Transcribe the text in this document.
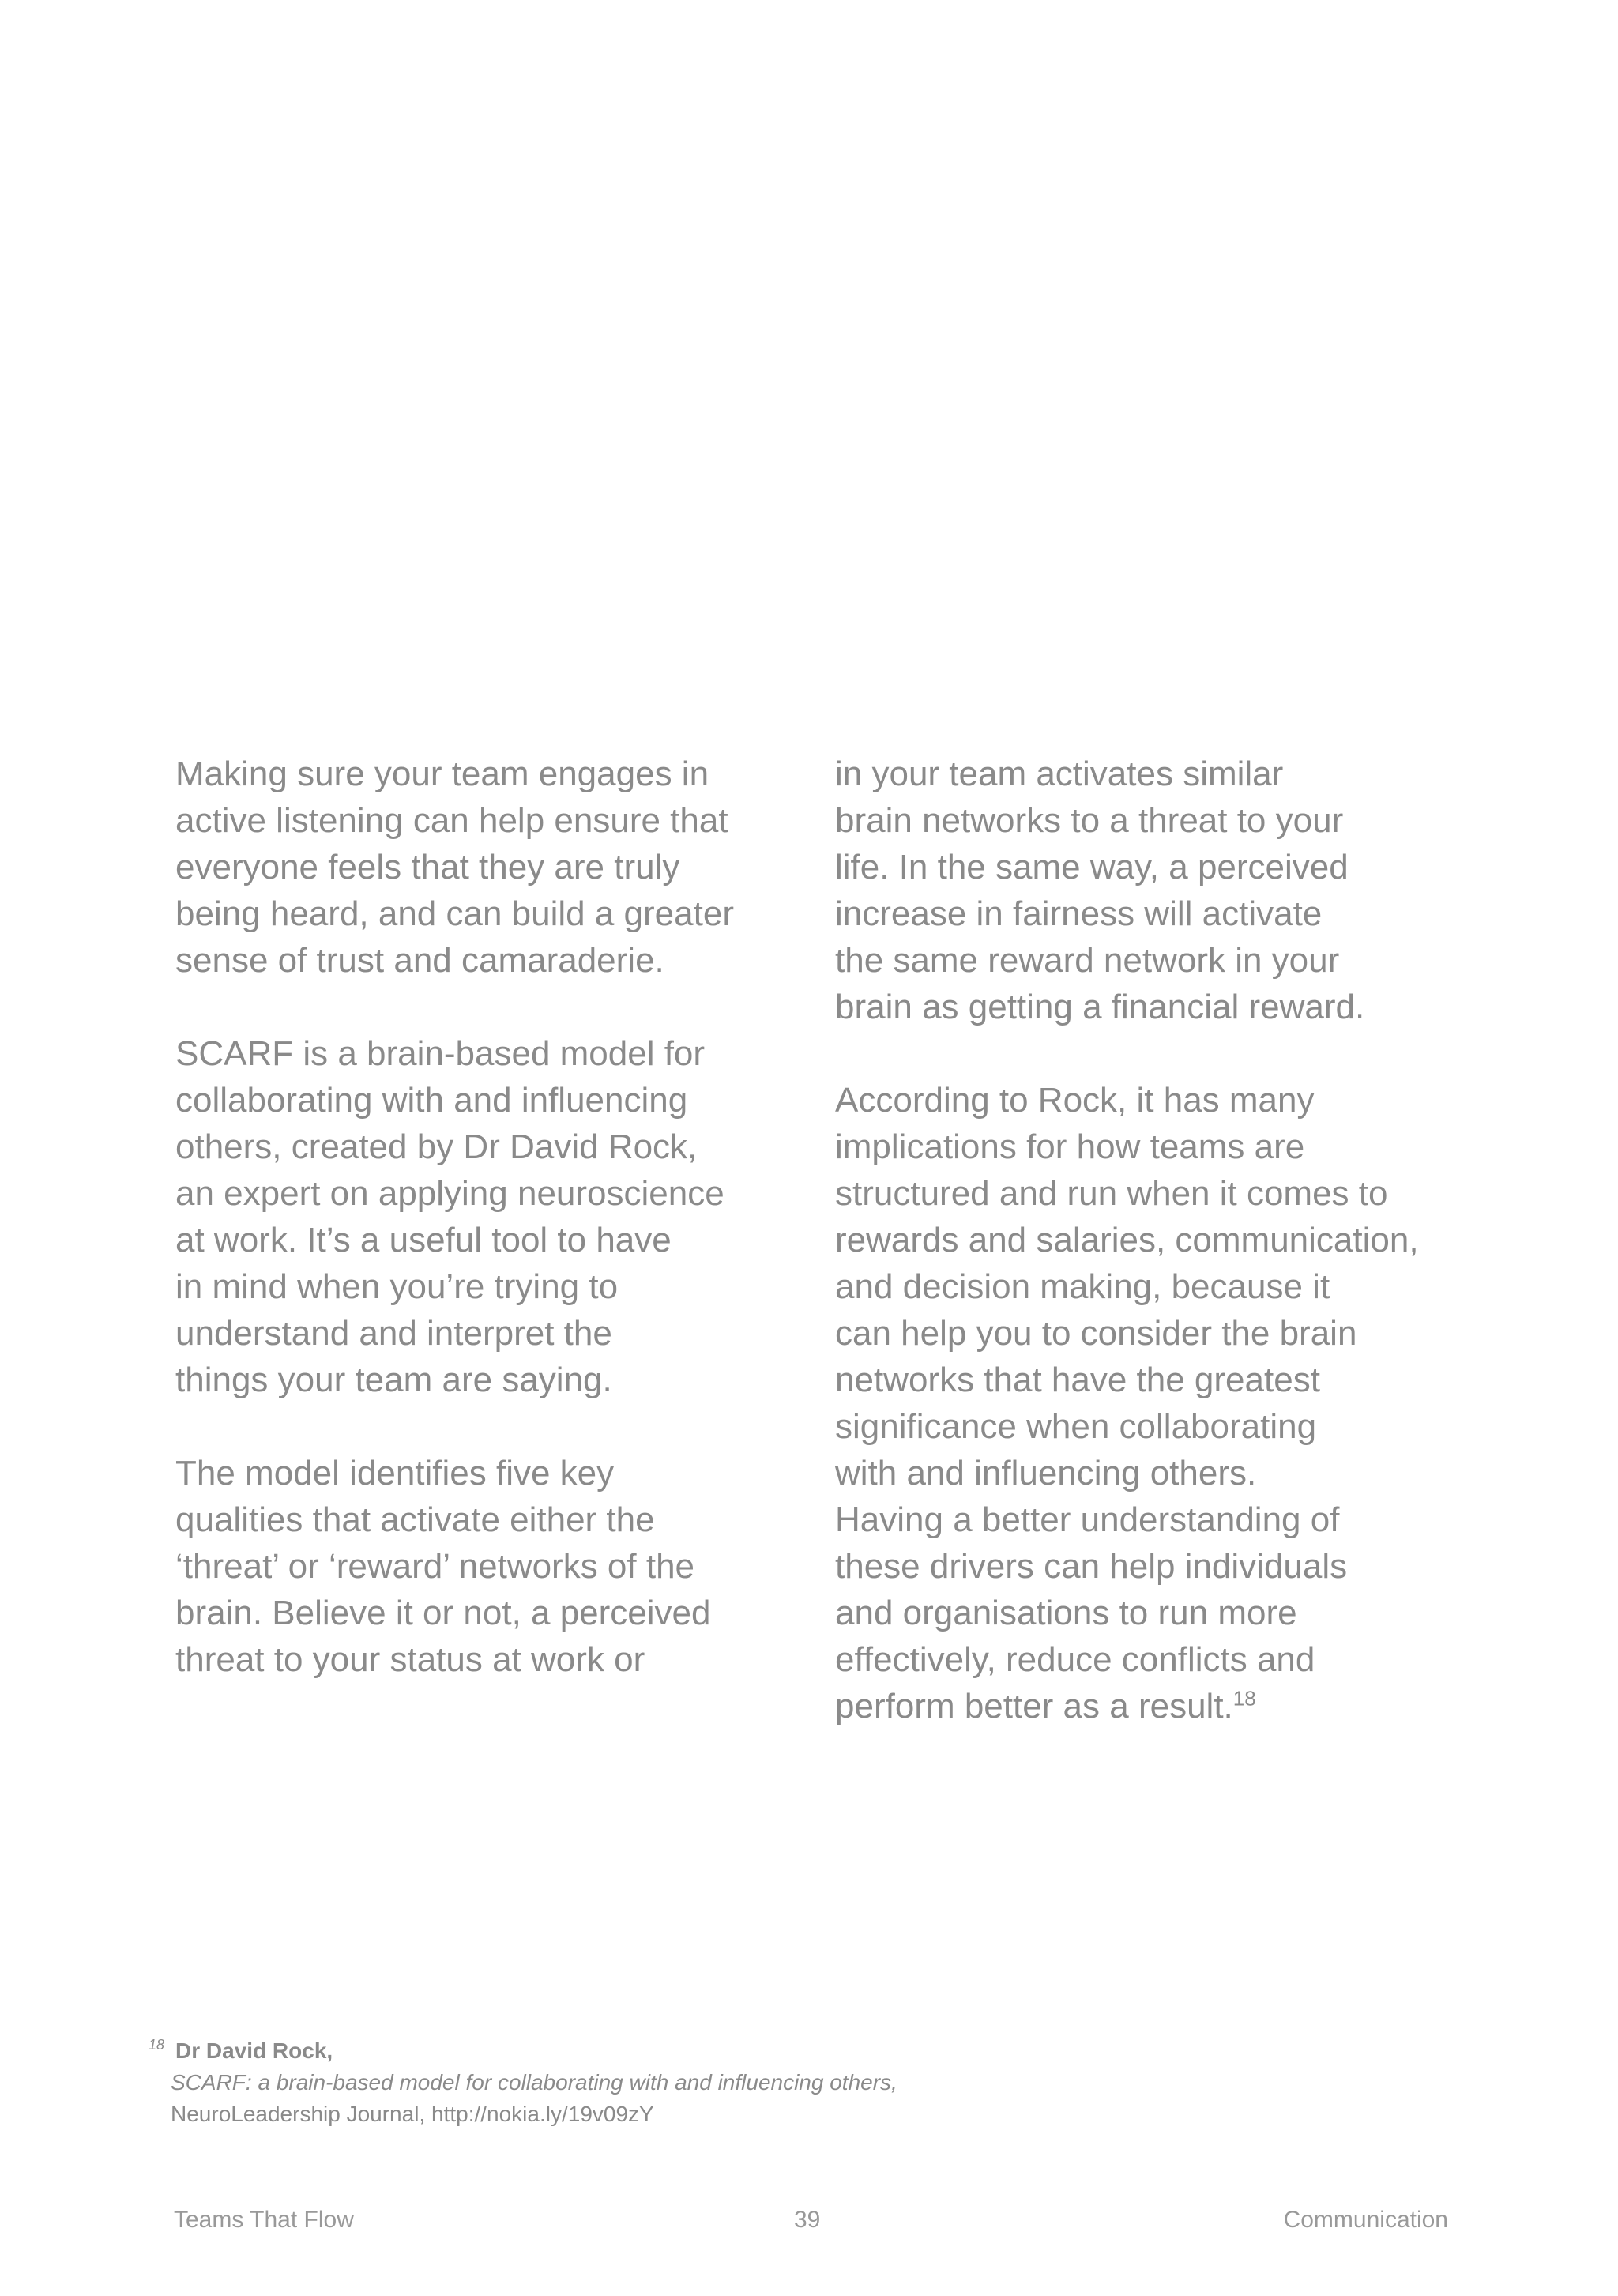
Making sure your team engages in
active listening can help ensure that
everyone feels that they are truly
being heard, and can build a greater
sense of trust and camaraderie.

SCARF is a brain-based model for
collaborating with and influencing
others, created by Dr David Rock,
an expert on applying neuroscience
at work. It’s a useful tool to have
in mind when you’re trying to
understand and interpret the
things your team are saying.

The model identifies five key
qualities that activate either the
‘threat’ or ‘reward’ networks of the
brain. Believe it or not, a perceived
threat to your status at work or

in your team activates similar
brain networks to a threat to your
life. In the same way, a perceived
increase in fairness will activate
the same reward network in your
brain as getting a financial reward.

According to Rock, it has many
implications for how teams are
structured and run when it comes to
rewards and salaries, communication,
and decision making, because it
can help you to consider the brain
networks that have the greatest
significance when collaborating
with and influencing others.
Having a better understanding of
these drivers can help individuals
and organisations to run more
effectively, reduce conflicts and
perform better as a result.$^{18}$

18 Dr David Rock,
SCARF: a brain-based model for collaborating with and influencing others,
NeuroLeadership Journal, http://nokia.ly/19v09zY
Teams That Flow	39	Communication
